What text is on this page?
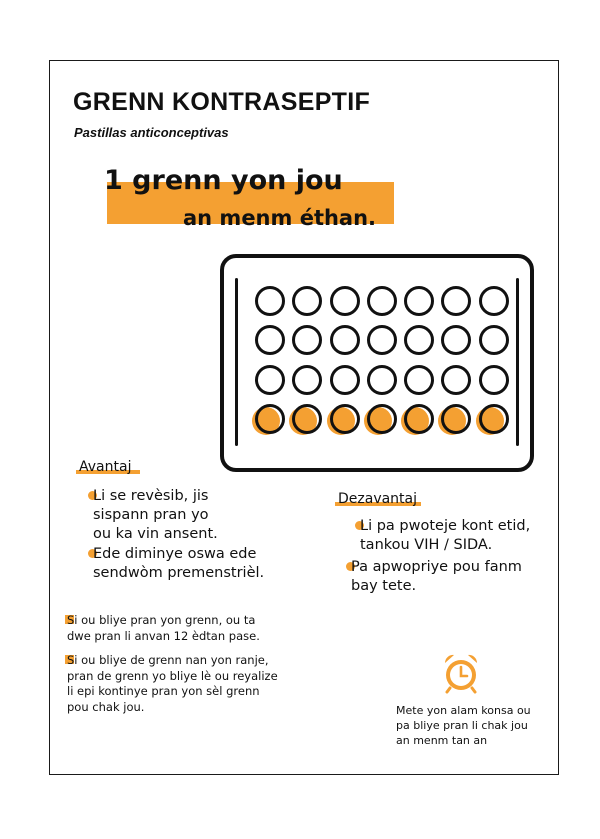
GRENN KONTRASEPTIF
Pastillas anticonceptivas
1 grenn yon jou
an menm éthan.
Avantaj
Li se revèsib, jis
sispann pran yo
ou ka vin ansent.
Ede diminye oswa ede
sendwòm premenstrièl.
Dezavantaj
Li pa pwoteje kont etid,
tankou VIH / SIDA.
Pa apwopriye pou fanm
bay tete.
Si ou bliye pran yon grenn, ou ta
dwe pran li anvan 12 èdtan pase.
Si ou bliye de grenn nan yon ranje,
pran de grenn yo bliye lè ou reyalize
li epi kontinye pran yon sèl grenn
pou chak jou.	Mete yon alam konsa ou
pa bliye pran li chak jou
an menm tan an
